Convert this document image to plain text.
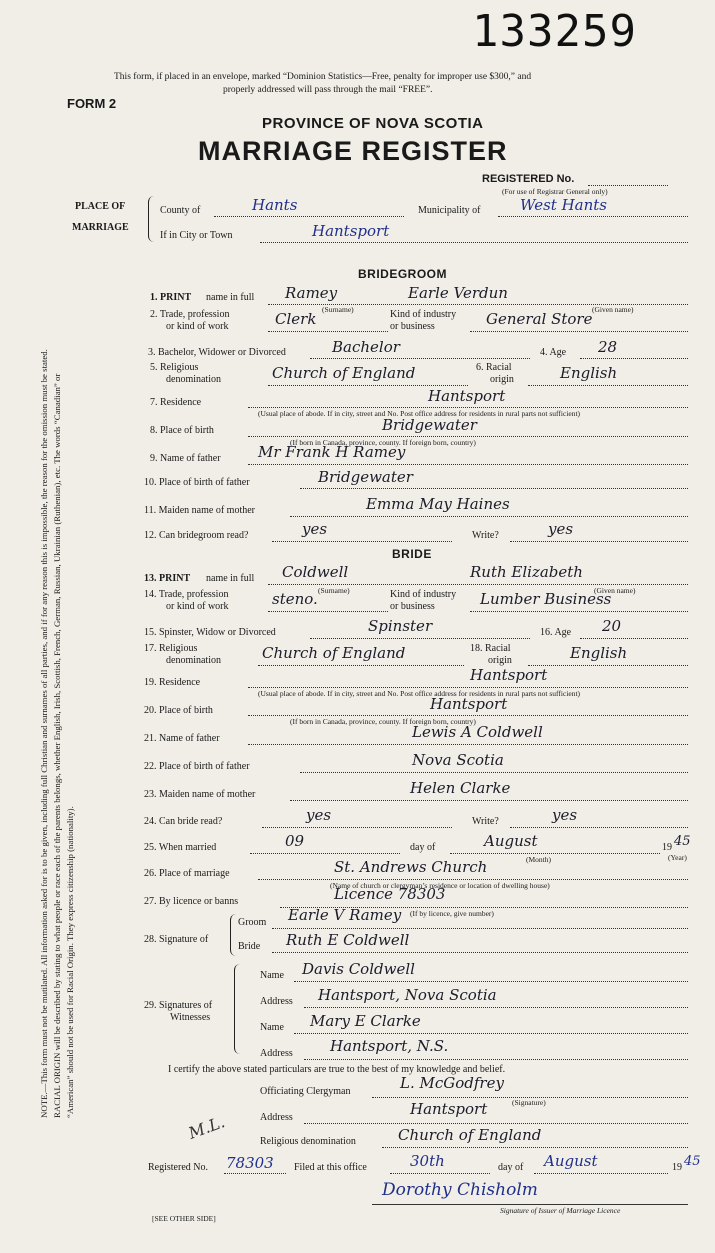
133259
This form, if placed in an envelope, marked “Dominion Statistics—Free, penalty for improper use $300,” and
properly addressed will pass through the mail “FREE”.
FORM 2
PROVINCE OF NOVA SCOTIA
MARRIAGE REGISTER
REGISTERED No.
(For use of Registrar General only)
PLACE OF
MARRIAGE
County of	Hants	Municipality of	West Hants
If in City or Town	Hantsport
BRIDEGROOM
1. PRINT name in full Ramey	Earle Verdun
2. Trade, profession
or kind of work
(Surname)	(Given name)
Clerk	Kind of industry
or business	General Store
3. Bachelor, Widower or Divorced	Bachelor	4. Age 28
5. Religious
denomination	Church of England	6. Racial
origin	English
7. Residence	Hantsport
(Usual place of abode. If in city, street and No. Post office address for residents in rural parts not sufficient)
8. Place of birth	Bridgewater
(If born in Canada, province, county. If foreign born, country)
9. Name of father Mr Frank H Ramey
10. Place of birth of father	Bridgewater
11. Maiden name of mother	Emma May Haines
12. Can bridegroom read?	yes	Write?	yes
BRIDE
13. PRINT name in full Coldwell	Ruth Elizabeth
14. Trade, profession
or kind of work
(Surname)	(Given name)
steno.	Kind of industry
or business	Lumber Business
15. Spinster, Widow or Divorced	Spinster	16. Age 20
17. Religious
denomination	Church of England	18. Racial
origin	English
19. Residence	Hantsport
(Usual place of abode. If in city, street and No. Post office address for residents in rural parts not sufficient)
20. Place of birth	Hantsport
(If born in Canada, province, county. If foreign born, country)
21. Name of father	Lewis A Coldwell
22. Place of birth of father	Nova Scotia
23. Maiden name of mother	Helen Clarke
24. Can bride read?	yes	Write?	yes
25. When married	09	day of	August	19 45
(Month)	(Year)
26. Place of marriage	St. Andrews Church
(Name of church or clergyman’s residence or location of dwelling house)
27. By licence or banns	Licence 78303
(If by licence, give number)
28. Signature of
Groom Earle V Ramey
Bride Ruth E Coldwell
29. Signatures of
Witnesses
Name Davis Coldwell
Address Hantsport, Nova Scotia
Name Mary E Clarke
Address Hantsport, N.S.
I certify the above stated particulars are true to the best of my knowledge and belief.
Officiating Clergyman	L. McGodfrey
(Signature)
Address	Hantsport
Religious denomination	Church of England
M.L.
Registered No. 78303 Filed at this office	30th	day of August	19 45
Dorothy Chisholm
Signature of Issuer of Marriage Licence
[SEE OTHER SIDE]
NOTE.—This form must not be mutilated. All information asked for is to be given, including full Christian and surnames of all parties, and if for any reason this is impossible, the reason for the omission must be stated. RACIAL ORIGIN will be described by stating to what people or race each of the parents belongs, whether English, Irish, Scottish, French, German, Russian, Ukrainian (Ruthenian), etc. The words “Canadian” or “American” should not be used for Racial Origin. They express citizenship (nationality).
